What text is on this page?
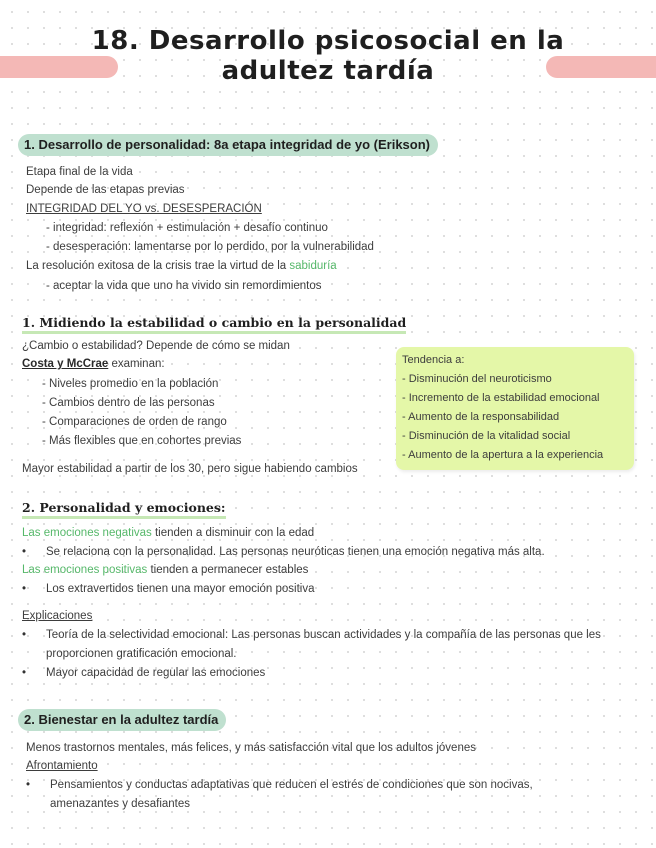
18. Desarrollo psicosocial en la
adultez tardía
1. Desarrollo de personalidad: 8a etapa integridad de yo (Erikson)
Etapa final de la vida
Depende de las etapas previas
INTEGRIDAD DEL YO vs. DESESPERACIÓN
- integridad: reflexión + estimulación + desafío continuo
- desesperación: lamentarse por lo perdido, por la vulnerabilidad
La resolución exitosa de la crisis trae la virtud de la sabiduría
- aceptar la vida que uno ha vivido sin remordimientos
1. Midiendo la estabilidad o cambio en la personalidad
¿Cambio o estabilidad? Depende de cómo se midan
Costa y McCrae examinan:
- Niveles promedio en la población
- Cambios dentro de las personas
- Comparaciones de orden de rango
- Más flexibles que en cohortes previas
Mayor estabilidad a partir de los 30, pero sigue habiendo cambios
Tendencia a:
- Disminución del neuroticismo
- Incremento de la estabilidad emocional
- Aumento de la responsabilidad
- Disminución de la vitalidad social
- Aumento de la apertura a la experiencia
2. Personalidad y emociones:
Las emociones negativas tienden a disminuir con la edad
• Se relaciona con la personalidad. Las personas neuróticas tienen una emoción negativa más alta.
Las emociones positivas tienden a permanecer estables
• Los extravertidos tienen una mayor emoción positiva
Explicaciones
• Teoría de la selectividad emocional: Las personas buscan actividades y la compañía de las personas que les
proporcionen gratificación emocional.
• Mayor capacidad de regular las emociones
2. Bienestar en la adultez tardía
Menos trastornos mentales, más felices, y más satisfacción vital que los adultos jóvenes
Afrontamiento
• Pensamientos y conductas adaptativas que reducen el estrés de condiciones que son nocivas,
amenazantes y desafiantes
